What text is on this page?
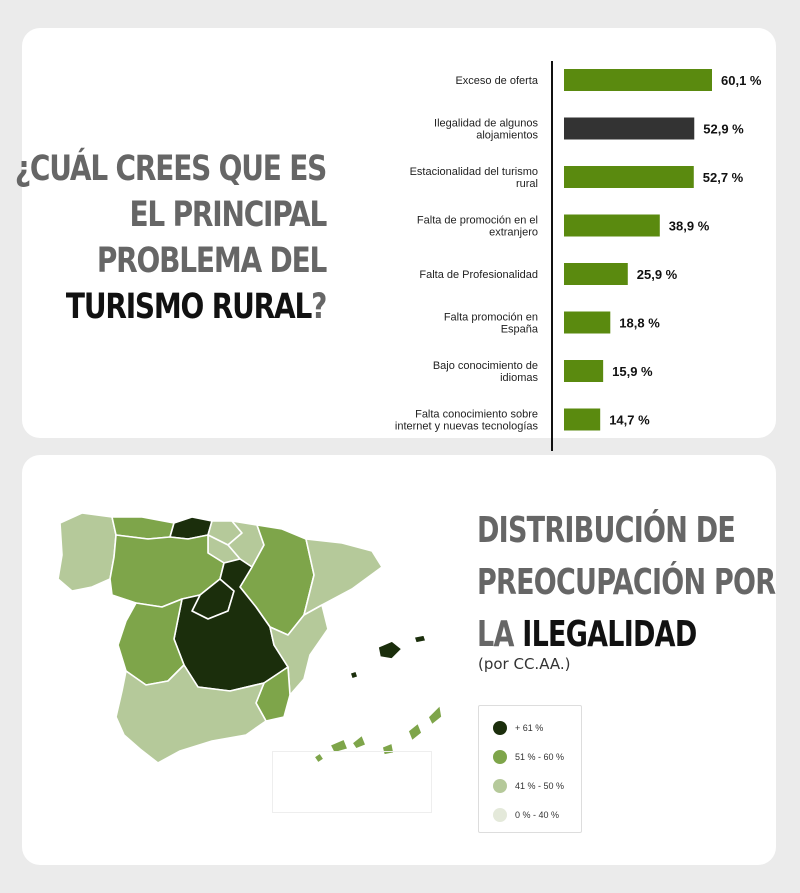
¿CUÁL CREES QUE ES
EL PRINCIPAL
PROBLEMA DEL
TURISMO RURAL?
60,1 %
Exceso de oferta
52,9 %
Ilegalidad de algunos
alojamientos
52,7 %
Estacionalidad del turismo
rural
38,9 %
Falta de promoción en el
extranjero
25,9 %
Falta de Profesionalidad
18,8 %
Falta promoción en
España
15,9 %
Bajo conocimiento de
idiomas
14,7 %
Falta conocimiento sobre
internet y nuevas tecnologías
DISTRIBUCIÓN DE
PREOCUPACIÓN POR
LA ILEGALIDAD
(por CC.AA.)
+ 61 %
51 % - 60 %
41 % - 50 %
0 % - 40 %
